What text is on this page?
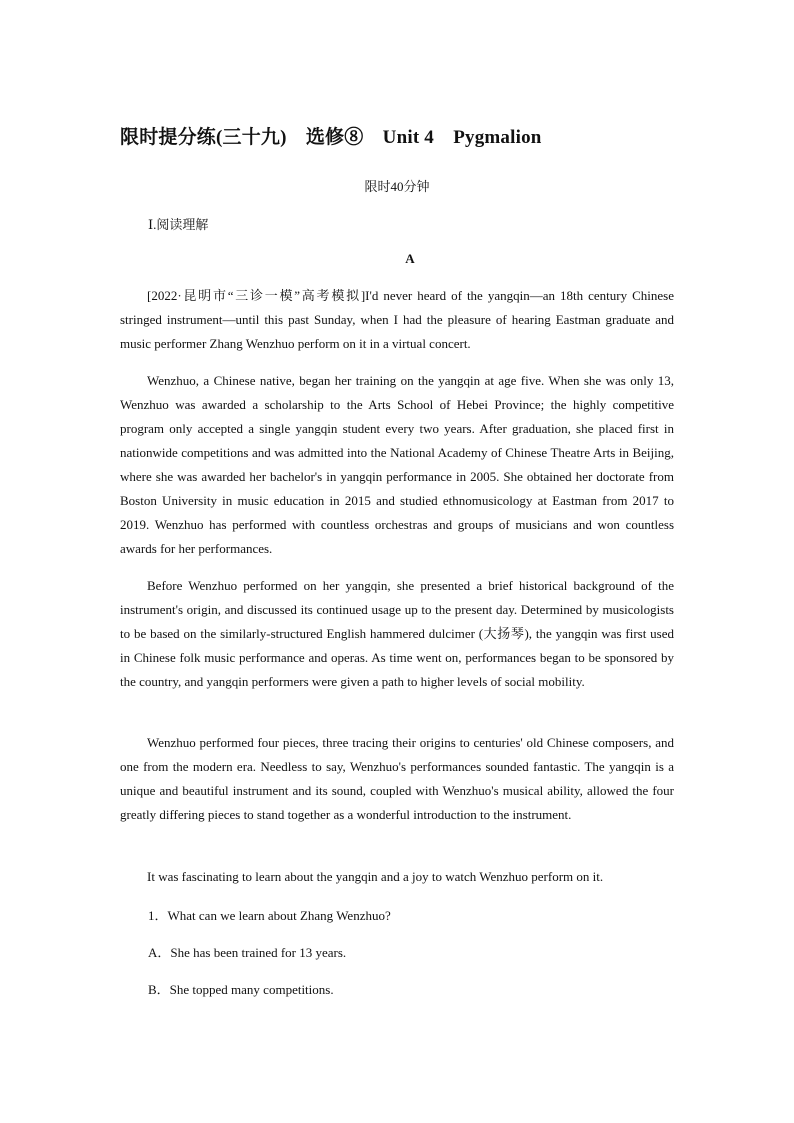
限时提分练(三十九)　选修⑧　Unit 4　Pygmalion
限时40分钟
Ⅰ.阅读理解
A

[2022·昆明市“三诊一模”高考模拟]I'd never heard of the yangqin—an 18th century Chinese stringed instrument—until this past Sunday, when I had the pleasure of hearing Eastman graduate and music performer Zhang Wenzhuo perform on it in a virtual concert.

Wenzhuo, a Chinese native, began her training on the yangqin at age five. When she was only 13, Wenzhuo was awarded a scholarship to the Arts School of Hebei Province; the highly competitive program only accepted a single yangqin student every two years. After graduation, she placed first in nationwide competitions and was admitted into the National Academy of Chinese Theatre Arts in Beijing, where she was awarded her bachelor's in yangqin performance in 2005. She obtained her doctorate from Boston University in music education in 2015 and studied ethnomusicology at Eastman from 2017 to 2019. Wenzhuo has performed with countless orchestras and groups of musicians and won countless awards for her performances.

Before Wenzhuo performed on her yangqin, she presented a brief historical background of the instrument's origin, and discussed its continued usage up to the present day. Determined by musicologists to be based on the similarly-structured English hammered dulcimer (大扬琴), the yangqin was first used in Chinese folk music performance and operas. As time went on, performances began to be sponsored by the country, and yangqin performers were given a path to higher levels of social mobility.

Wenzhuo performed four pieces, three tracing their origins to centuries' old Chinese composers, and one from the modern era. Needless to say, Wenzhuo's performances sounded fantastic. The yangqin is a unique and beautiful instrument and its sound, coupled with Wenzhuo's musical ability, allowed the four greatly differing pieces to stand together as a wonderful introduction to the instrument.

It was fascinating to learn about the yangqin and a joy to watch Wenzhuo perform on it.

1．What can we learn about Zhang Wenzhuo?
A．She has been trained for 13 years.
B．She topped many competitions.
